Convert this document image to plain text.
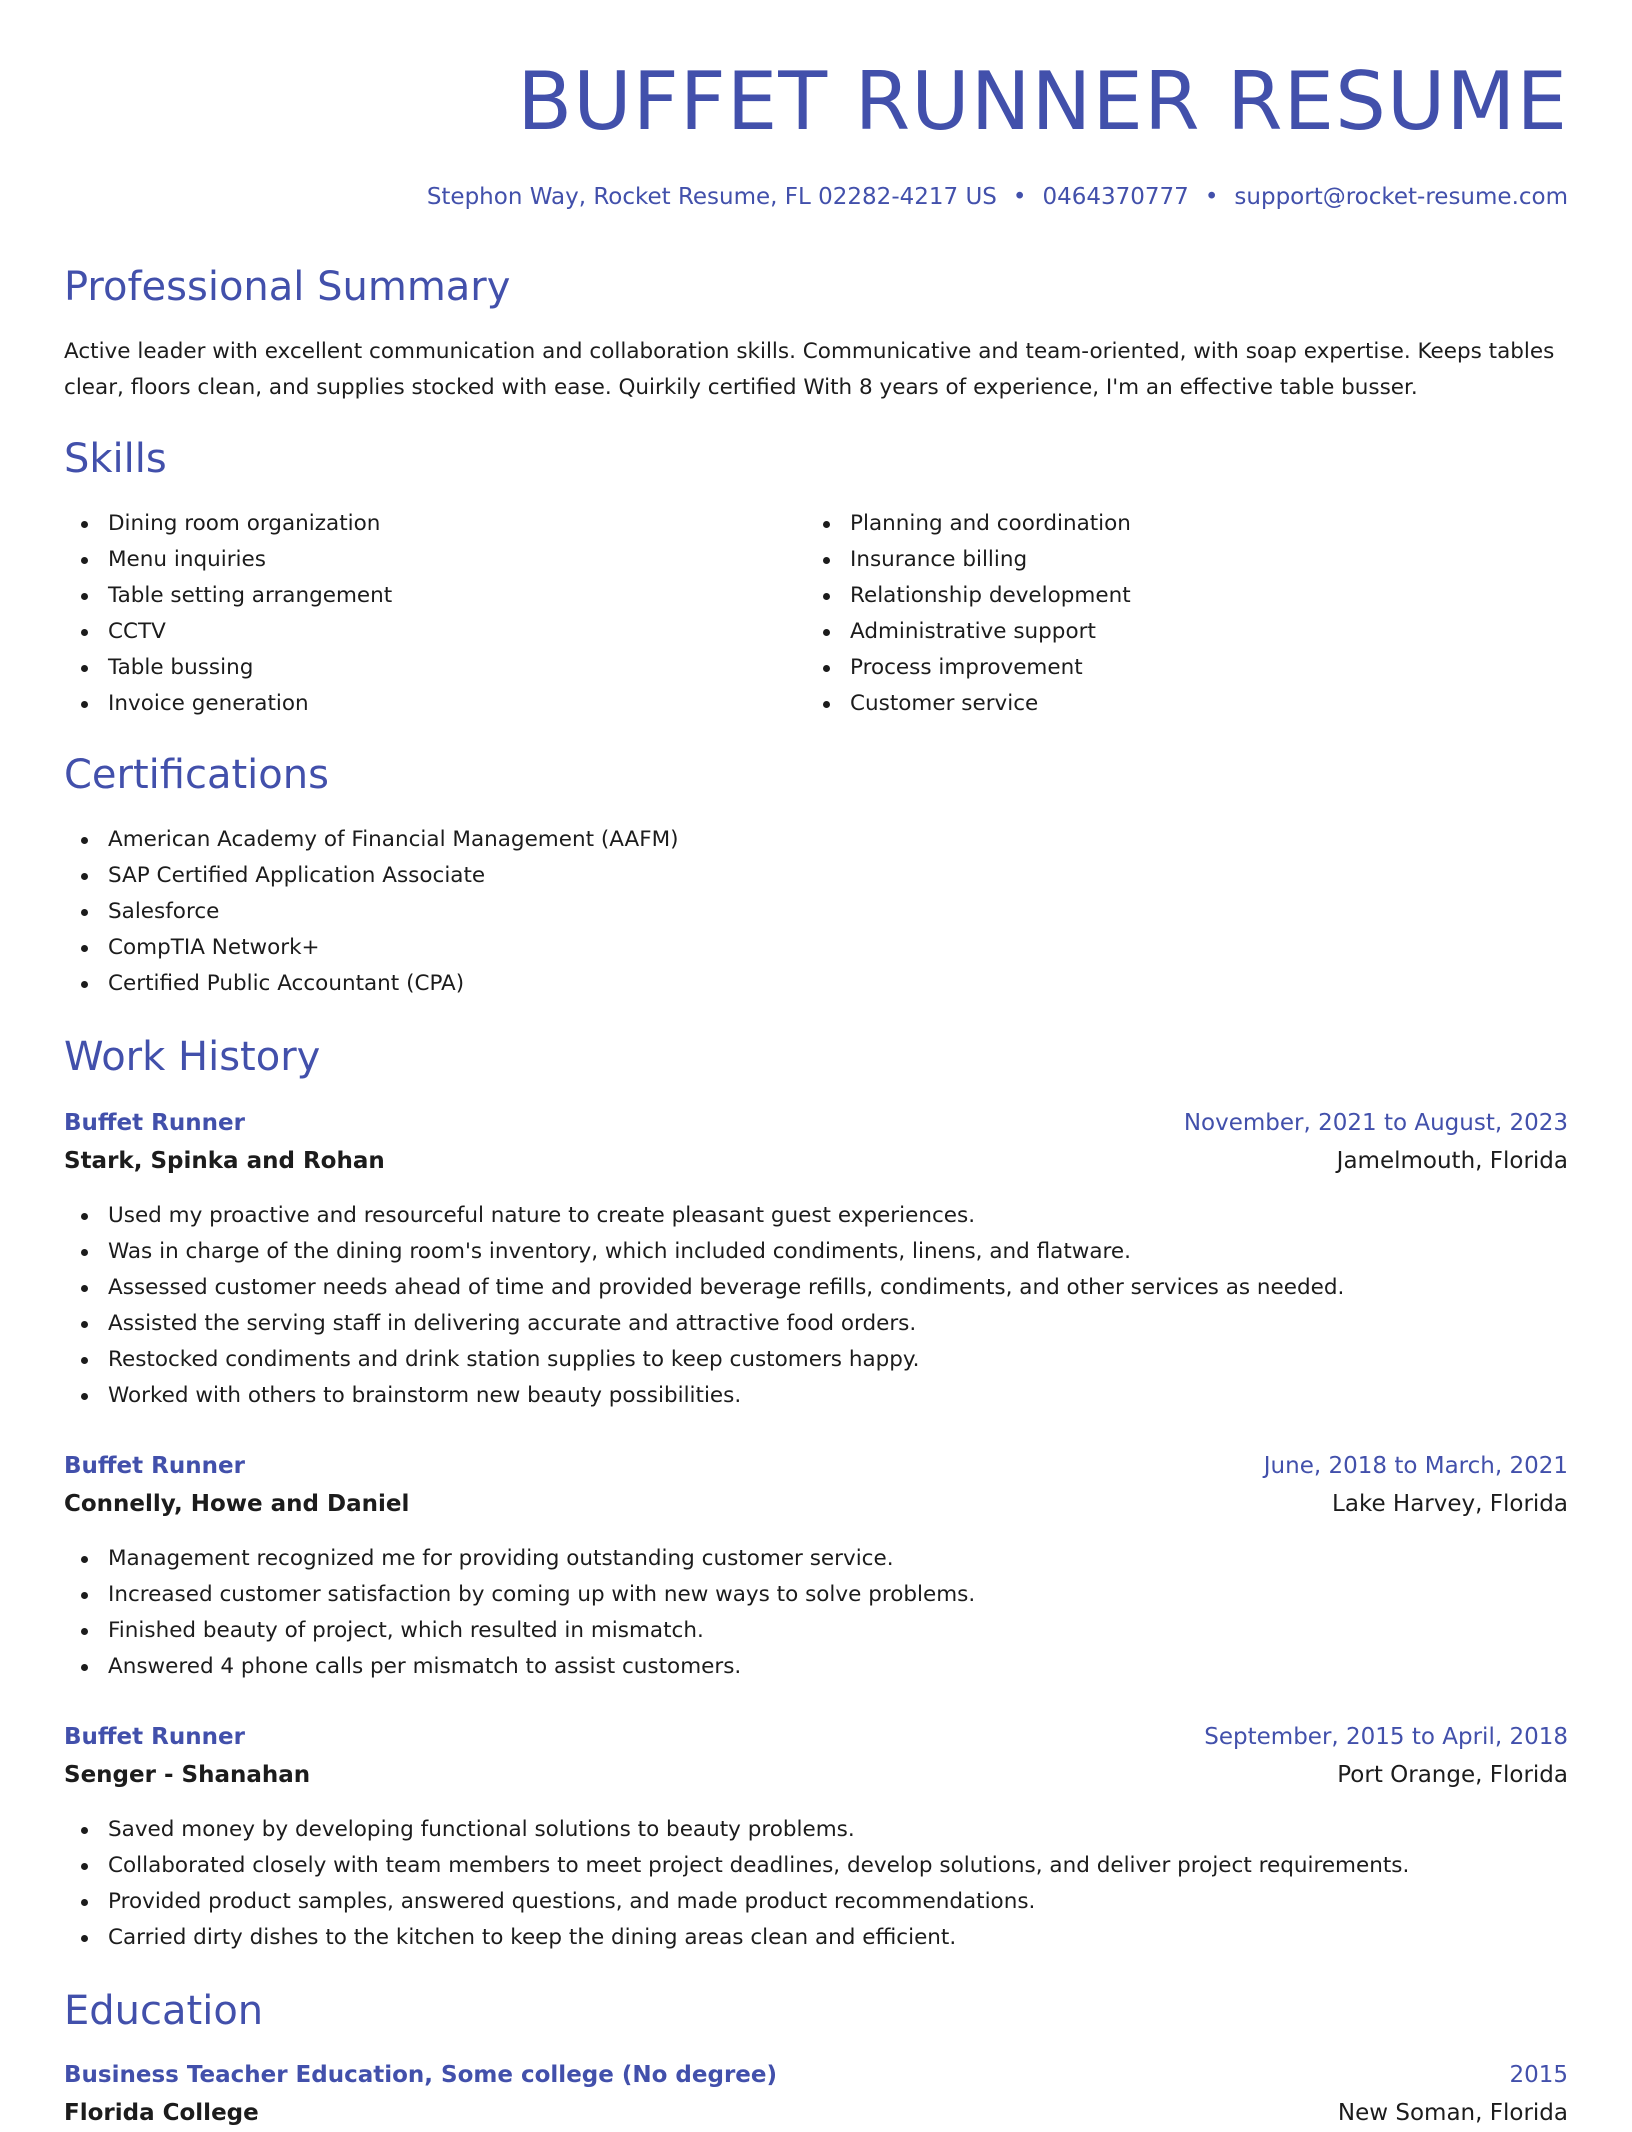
BUFFET RUNNER RESUME
Stephon Way, Rocket Resume, FL 02282-4217 US • 0464370777 • support@rocket-resume.com
Professional Summary

Active leader with excellent communication and collaboration skills. Communicative and team-oriented, with soap expertise. Keeps tables clear, floors clean, and supplies stocked with ease. Quirkily certified With 8 years of experience, I'm an effective table busser.

Skills
Dining room organization
Menu inquiries
Table setting arrangement
CCTV
Table bussing
Invoice generation
Planning and coordination
Insurance billing
Relationship development
Administrative support
Process improvement
Customer service
Certifications
American Academy of Financial Management (AAFM)
SAP Certified Application Associate
Salesforce
CompTIA Network+
Certified Public Accountant (CPA)
Work History
Buffet Runner	November, 2021 to August, 2023
Stark, Spinka and Rohan	Jamelmouth, Florida
Used my proactive and resourceful nature to create pleasant guest experiences.
Was in charge of the dining room's inventory, which included condiments, linens, and flatware.
Assessed customer needs ahead of time and provided beverage refills, condiments, and other services as needed.
Assisted the serving staff in delivering accurate and attractive food orders.
Restocked condiments and drink station supplies to keep customers happy.
Worked with others to brainstorm new beauty possibilities.
Buffet Runner	June, 2018 to March, 2021
Connelly, Howe and Daniel	Lake Harvey, Florida
Management recognized me for providing outstanding customer service.
Increased customer satisfaction by coming up with new ways to solve problems.
Finished beauty of project, which resulted in mismatch.
Answered 4 phone calls per mismatch to assist customers.
Buffet Runner	September, 2015 to April, 2018
Senger - Shanahan	Port Orange, Florida
Saved money by developing functional solutions to beauty problems.
Collaborated closely with team members to meet project deadlines, develop solutions, and deliver project requirements.
Provided product samples, answered questions, and made product recommendations.
Carried dirty dishes to the kitchen to keep the dining areas clean and efficient.
Education
Business Teacher Education, Some college (No degree)	2015
Florida College	New Soman, Florida
